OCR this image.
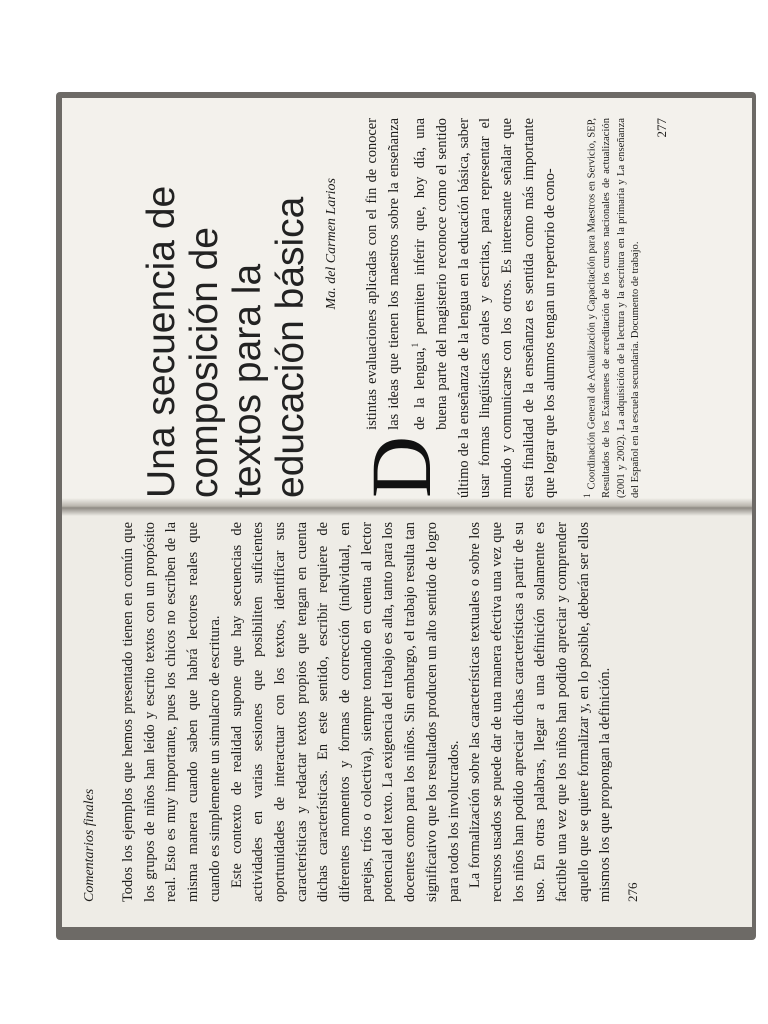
Comentarios finales Todos los ejemplos que hemos presentado tienen en común que los grupos de niños han leído y escrito textos con un propósito real. Esto es muy importante, pues los chicos no escriben de la misma manera cuando saben que habrá lectores reales que cuando es simplemente un simulacro de escritura. Este contexto de realidad supone que hay secuencias de actividades en varias sesiones que posibiliten suficientes oportunidades de interactuar con los textos, identificar sus características y redactar textos propios que tengan en cuenta dichas características. En este sentido, escribir requiere de diferentes momentos y formas de corrección (individual, en parejas, tríos o colectiva), siempre tomando en cuenta al lector potencial del texto. La exigencia del trabajo es alta, tanto para los docentes como para los niños. Sin embargo, el trabajo resulta tan significativo que los resultados producen un alto sentido de logro para todos los involucrados. La formalización sobre las características textuales o sobre los recursos usados se puede dar de una manera efectiva una vez que los niños han podido apreciar dichas características a partir de su uso. En otras palabras, llegar a una definición solamente es factible una vez que los niños han podido apreciar y comprender aquello que se quiere formalizar y, en lo posible, deberán ser ellos mismos los que propongan la definición. 276
Una secuencia de composición de textos para la educación básica Ma. del Carmen Larios
D
istintas evaluaciones aplicadas con el fin de conocer las ideas que tienen los maestros sobre la enseñanza de la lengua,$^1$ permiten inferir que, hoy día, una buena parte del magisterio reconoce como el sentido último de la enseñanza de la lengua en la educación básica, saber usar formas lingüísticas orales y escritas, para representar el mundo y comunicarse con los otros. Es interesante señalar que esta finalidad de la enseñanza es sentida como más importante que lograr que los alumnos tengan un repertorio de cono-	$^1$Coordinación General de Actualización y Capacitación para Maestros en Servicio, SEP, Resultados de los Exámenes de acreditación de los cursos nacionales de actualización (2001 y 2002). La adquisición de la lectura y la escritura en la primaria y La enseñanza del Español en la escuela secundaria. Documento de trabajo.
277
